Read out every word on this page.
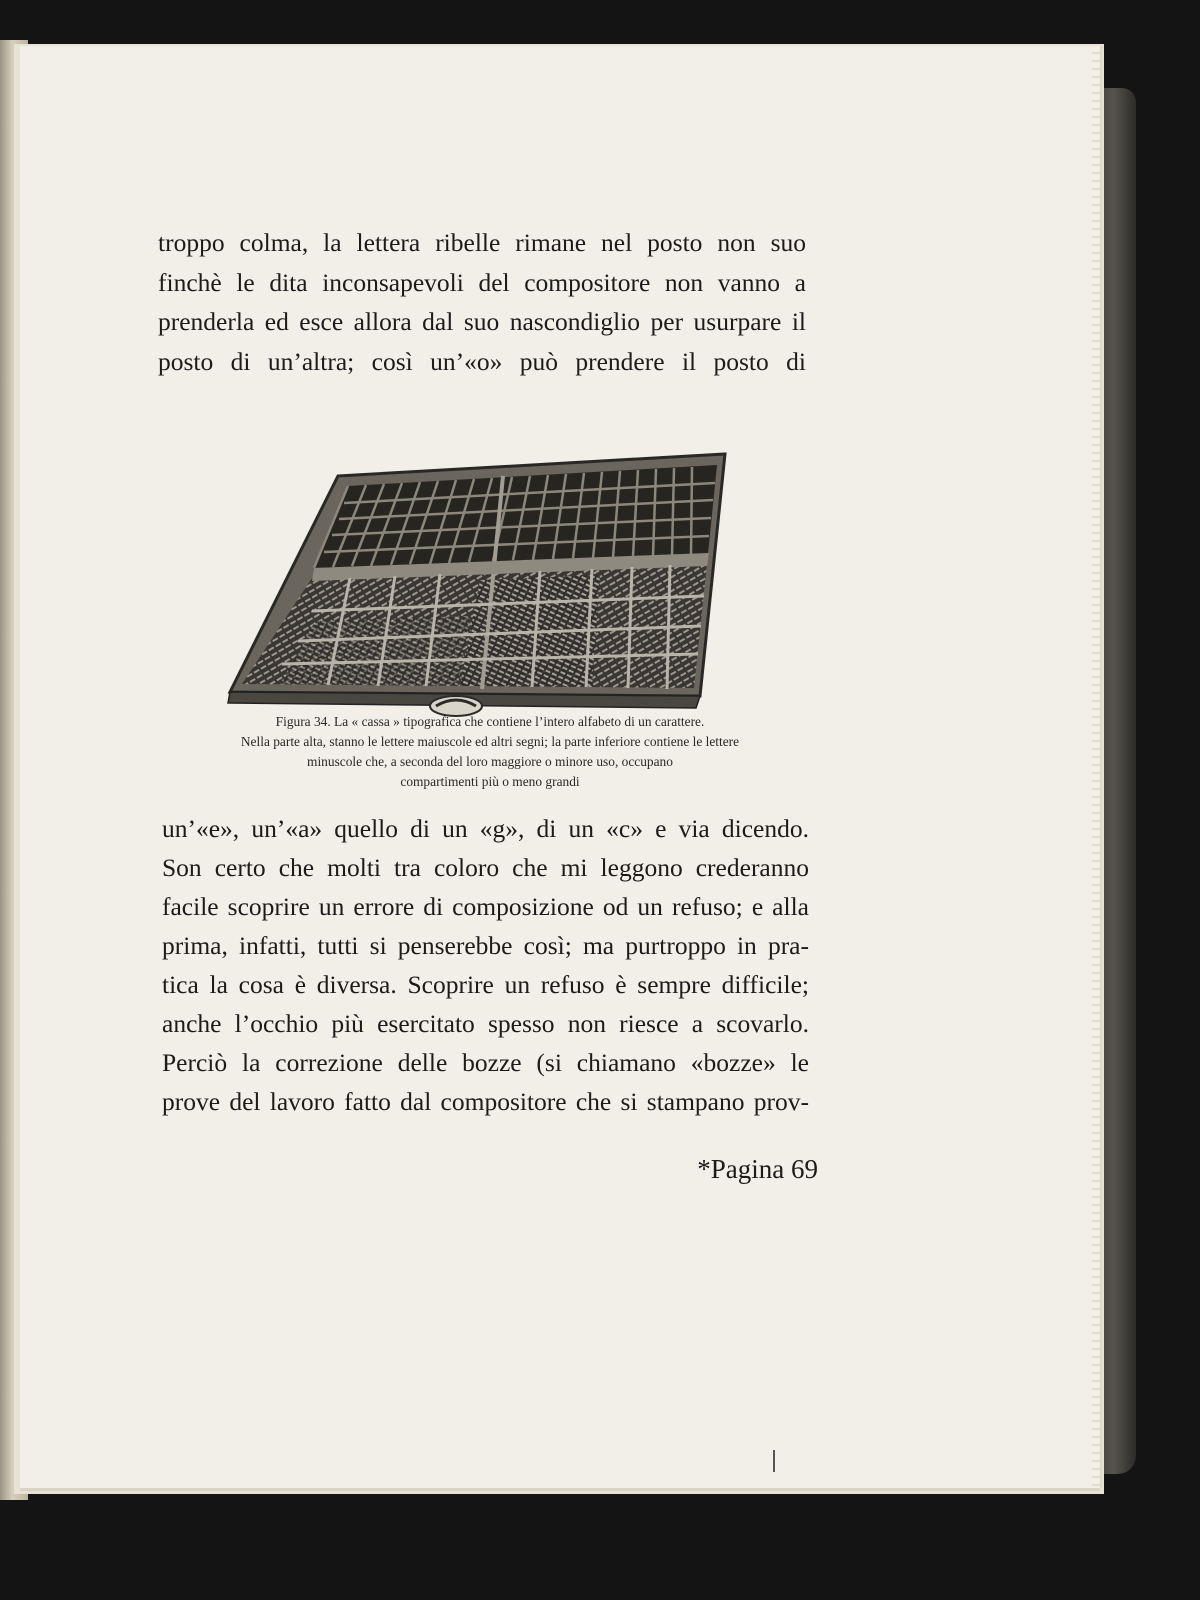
troppo colma, la lettera ribelle rimane nel posto non suo
finchè le dita inconsapevoli del compositore non vanno a
prenderla ed esce allora dal suo nascondiglio per usurpare il
posto di un’altra; così un’«o» può prendere il posto di
Figura 34. La « cassa » tipografica che contiene l’intero alfabeto di un carattere.
Nella parte alta, stanno le lettere maiuscole ed altri segni; la parte inferiore contiene le lettere
minuscole che, a seconda del loro maggiore o minore uso, occupano
compartimenti più o meno grandi
un’«e», un’«a» quello di un «g», di un «c» e via dicendo.
Son certo che molti tra coloro che mi leggono crederanno
facile scoprire un errore di composizione od un refuso; e alla
prima, infatti, tutti si penserebbe così; ma purtroppo in pra-
tica la cosa è diversa. Scoprire un refuso è sempre difficile;
anche l’occhio più esercitato spesso non riesce a scovarlo.
Perciò la correzione delle bozze (si chiamano «bozze» le
prove del lavoro fatto dal compositore che si stampano prov-
*Pagina 69
